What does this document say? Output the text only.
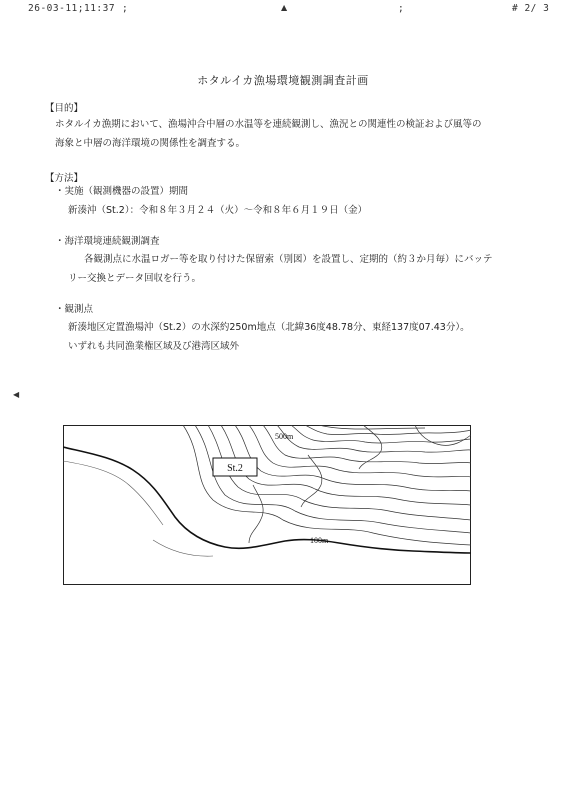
26-03-11;11:37 ;	▲	;	# 2/ 3
ホタルイカ漁場環境観測調査計画
【目的】
ホタルイカ漁期において、漁場沖合中層の水温等を連続観測し、漁況との関連性の検証および風等の
海象と中層の海洋環境の関係性を調査する。
【方法】
・実施（観測機器の設置）期間
新湊沖（St.2）：令和８年３月２４（火）～令和８年６月１９日（金）
・海洋環境連続観測調査
各観測点に水温ロガー等を取り付けた保留索（別図）を設置し、定期的（約３か月毎）にバッテ
リー交換とデータ回収を行う。
・観測点
新湊地区定置漁場沖（St.2）の水深約250m地点（北緯36度48.78分、東経137度07.43分）。
いずれも共同漁業権区域及び港湾区域外
◀
St.2
500m
100m
